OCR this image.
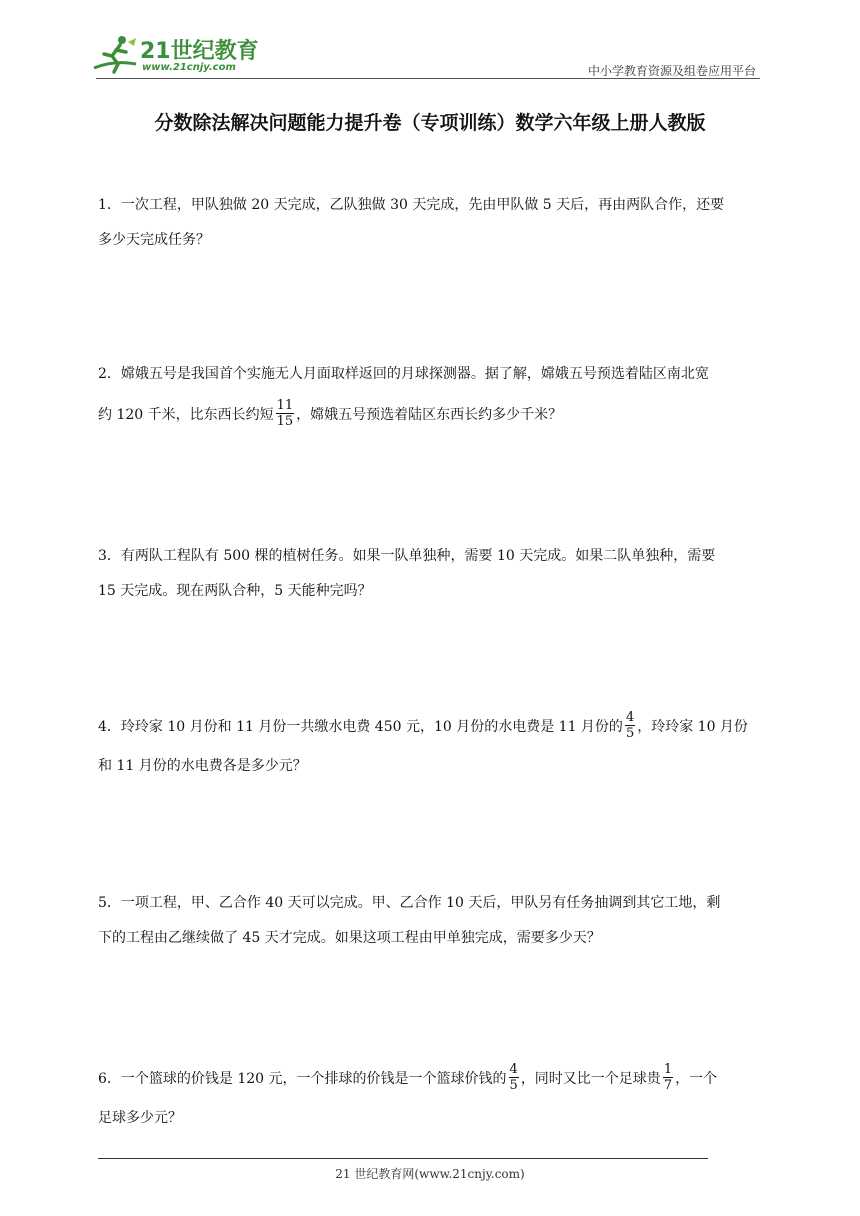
21世纪教育
www.21cnjy.com	中小学教育资源及组卷应用平台
分数除法解决问题能力提升卷（专项训练）数学六年级上册人教版
1．一次工程，甲队独做 20 天完成，乙队独做 30 天完成，先由甲队做 5 天后，再由两队合作，还要
多少天完成任务？
2．嫦娥五号是我国首个实施无人月面取样返回的月球探测器。据了解，嫦娥五号预选着陆区南北宽
约 120 千米，比东西长约短 $\frac{11}{15}$ ，嫦娥五号预选着陆区东西长约多少千米？
3．有两队工程队有 500 棵的植树任务。如果一队单独种，需要 10 天完成。如果二队单独种，需要
15 天完成。现在两队合种，5 天能种完吗？
4．玲玲家 10 月份和 11 月份一共缴水电费 450 元，10 月份的水电费是 11 月份的 $\frac{4}{5}$ ，玲玲家 10 月份
和 11 月份的水电费各是多少元？
5．一项工程，甲、乙合作 40 天可以完成。甲、乙合作 10 天后，甲队另有任务抽调到其它工地，剩
下的工程由乙继续做了 45 天才完成。如果这项工程由甲单独完成，需要多少天？
6．一个篮球的价钱是 120 元，一个排球的价钱是一个篮球价钱的 $\frac{4}{5}$ ，同时又比一个足球贵 $\frac{1}{7}$ ，一个
足球多少元？
21 世纪教育网(www.21cnjy.com)
